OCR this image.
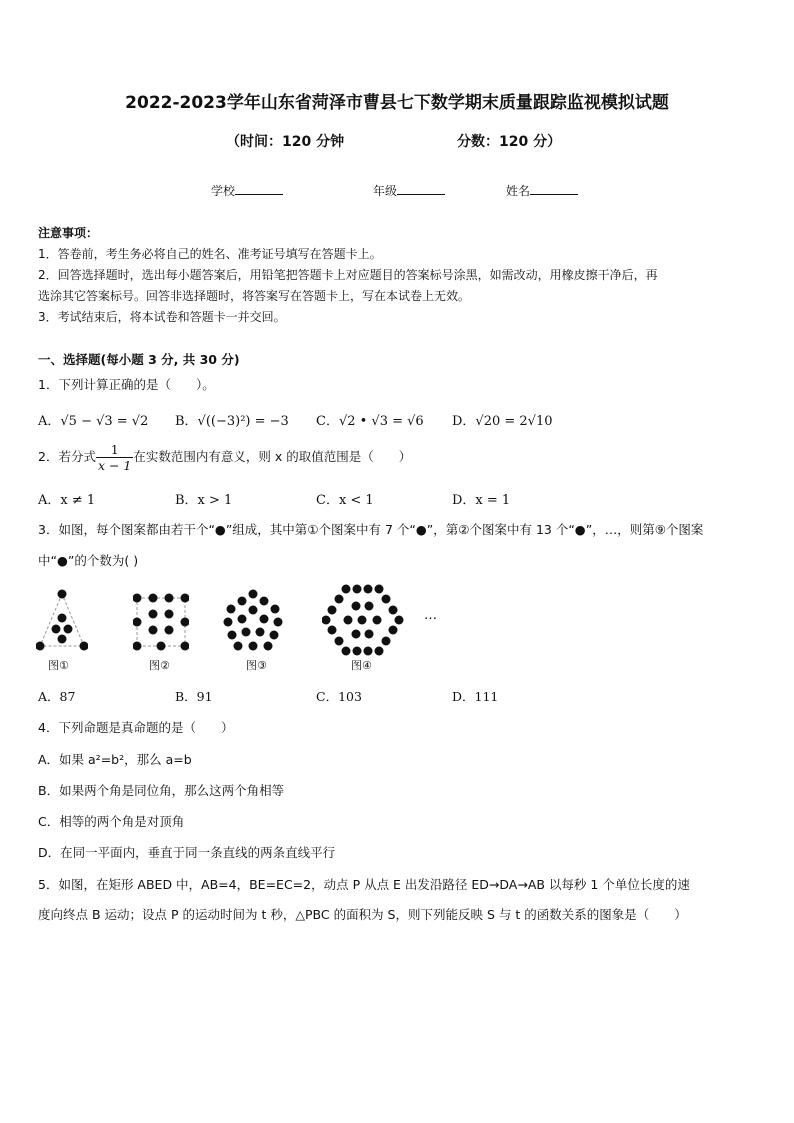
2022-2023学年山东省菏泽市曹县七下数学期末质量跟踪监视模拟试题
（时间：120 分钟	分数：120 分）
学校	年级	姓名
注意事项：
1．答卷前，考生务必将自己的姓名、准考证号填写在答题卡上。
2．回答选择题时，选出每小题答案后，用铅笔把答题卡上对应题目的答案标号涂黑，如需改动，用橡皮擦干净后，再
选涂其它答案标号。回答非选择题时，将答案写在答题卡上，写在本试卷上无效。
3．考试结束后，将本试卷和答题卡一并交回。
一、选择题(每小题 3 分, 共 30 分)
1．下列计算正确的是（　　）。
A．√5 − √3 = √2 B．√((−3)²) = −3 C．√2 • √3 = √6 D．√20 = 2√10
2．若分式 $\frac{1}{x - 1}$ 在实数范围内有意义，则 x 的取值范围是（　　）
A．x ≠ 1	B．x > 1	C．x < 1	D．x = 1
3．如图，每个图案都由若干个“●”组成，其中第①个图案中有 7 个“●”，第②个图案中有 13 个“●”，…，则第⑨个图案
中“●”的个数为( )
图①	图②	图③	图④
…
A．87	B．91	C．103	D．111
4．下列命题是真命题的是（　　）
A．如果 a²=b²，那么 a=b
B．如果两个角是同位角，那么这两个角相等
C．相等的两个角是对顶角
D．在同一平面内，垂直于同一条直线的两条直线平行
5．如图，在矩形 ABED 中，AB=4，BE=EC=2，动点 P 从点 E 出发沿路径 ED→DA→AB 以每秒 1 个单位长度的速
度向终点 B 运动；设点 P 的运动时间为 t 秒，△PBC 的面积为 S，则下列能反映 S 与 t 的函数关系的图象是（　　）
